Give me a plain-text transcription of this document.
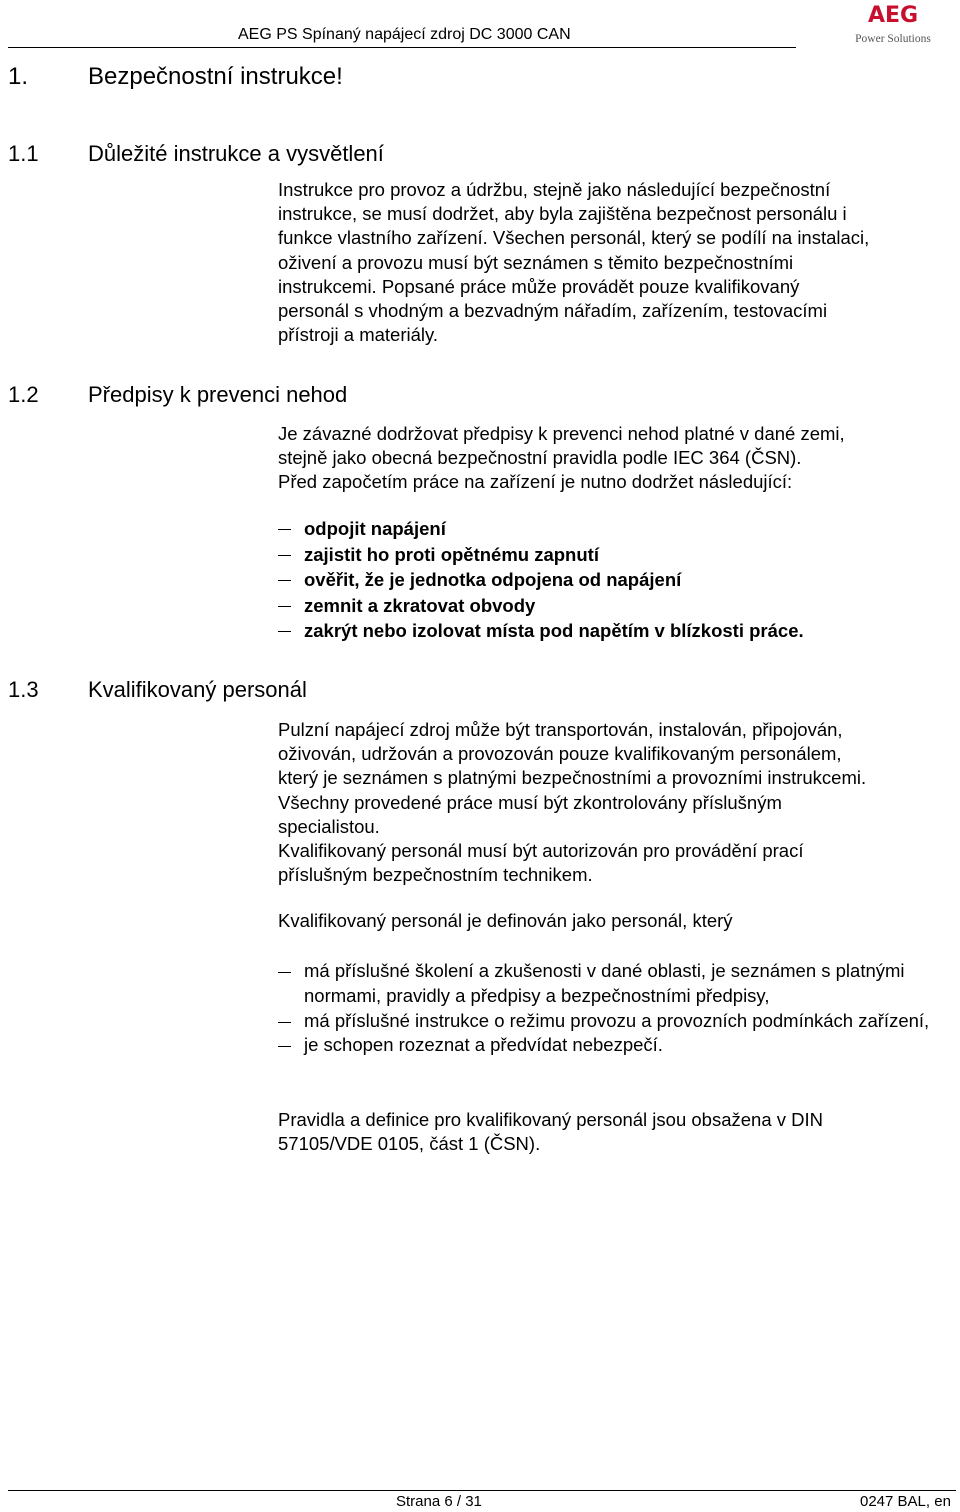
AEG PS Spínaný napájecí zdroj DC 3000 CAN
AEG
Power Solutions
1. Bezpečnostní instrukce!
1.1 Důležité instrukce a vysvětlení

Instrukce pro provoz a údržbu, stejně jako následující bezpečnostní

instrukce, se musí dodržet, aby byla zajištěna bezpečnost personálu i

funkce vlastního zařízení. Všechen personál, který se podílí na instalaci,

oživení a provozu musí být seznámen s těmito bezpečnostními

instrukcemi. Popsané práce může provádět pouze kvalifikovaný

personál s vhodným a bezvadným nářadím, zařízením, testovacími

přístroji a materiály.

1.2 Předpisy k prevenci nehod

Je závazné dodržovat předpisy k prevenci nehod platné v dané zemi,

stejně jako obecná bezpečnostní pravidla podle IEC 364 (ČSN).

Před započetím práce na zařízení je nutno dodržet následující:

odpojit napájení
zajistit ho proti opětnému zapnutí
ověřit, že je jednotka odpojena od napájení
zemnit a zkratovat obvody
zakrýt nebo izolovat místa pod napětím v blízkosti práce.
1.3 Kvalifikovaný personál

Pulzní napájecí zdroj může být transportován, instalován, připojován,

oživován, udržován a provozován pouze kvalifikovaným personálem,

který je seznámen s platnými bezpečnostními a provozními instrukcemi.

Všechny provedené práce musí být zkontrolovány příslušným

specialistou.

Kvalifikovaný personál musí být autorizován pro provádění prací

příslušným bezpečnostním technikem.

Kvalifikovaný personál je definován jako personál, který
má příslušné školení a zkušenosti v dané oblasti, je seznámen s platnými normami, pravidly a předpisy a bezpečnostními předpisy,
má příslušné instrukce o režimu provozu a provozních podmínkách zařízení,
je schopen rozeznat a předvídat nebezpečí.

Pravidla a definice pro kvalifikovaný personál jsou obsažena v DIN

57105/VDE 0105, část 1 (ČSN).

Strana 6 / 31	0247 BAL, en
